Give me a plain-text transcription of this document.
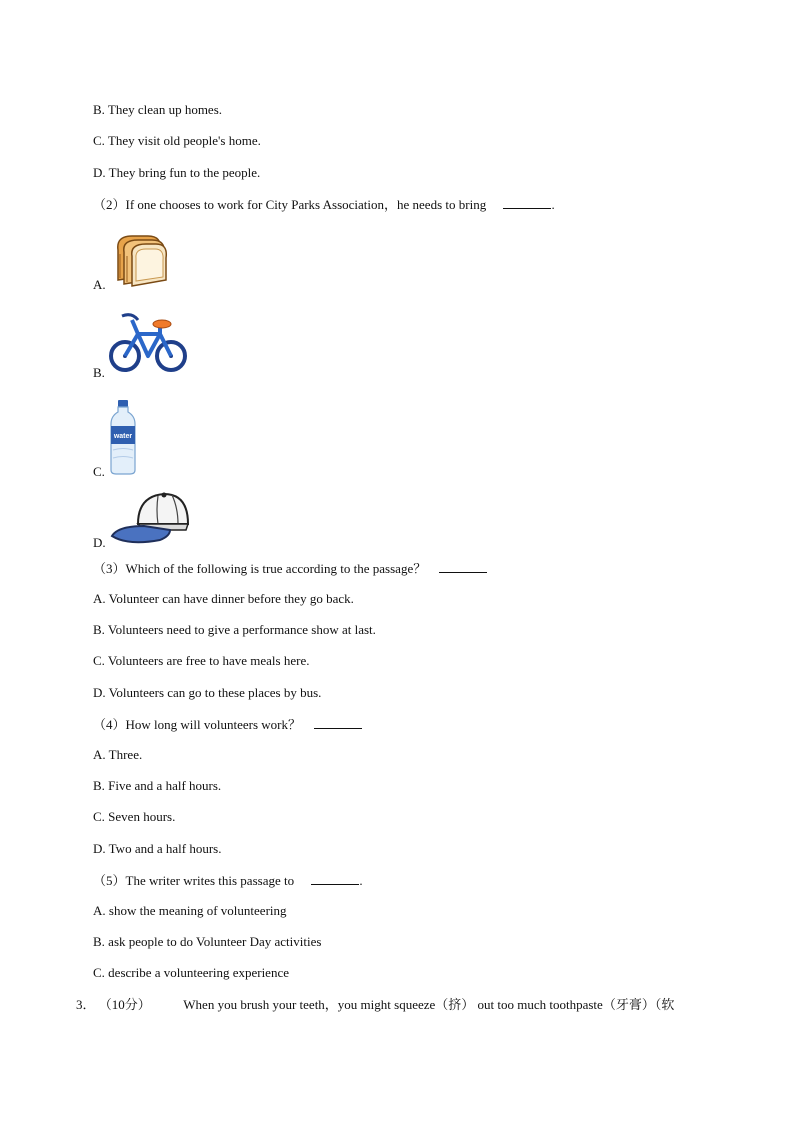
B. They clean up homes.
C. They visit old people's home.
D. They bring fun to the people.
（2）If one chooses to work for City Parks Association，he needs to bring	.
A.
B.
C.
water
D.
（3）Which of the following is true according to the passage？
A. Volunteer can have dinner before they go back.
B. Volunteers need to give a performance show at last.
C. Volunteers are free to have meals here.
D. Volunteers can go to these places by bus.
（4）How long will volunteers work？
A. Three.
B. Five and a half hours.
C. Seven hours.
D. Two and a half hours.
（5）The writer writes this passage to	.
A. show the meaning of volunteering
B. ask people to do Volunteer Day activities
C. describe a volunteering experience
3． （10分）	When you brush your teeth，you might squeeze（挤） out too much toothpaste（牙膏）（软
